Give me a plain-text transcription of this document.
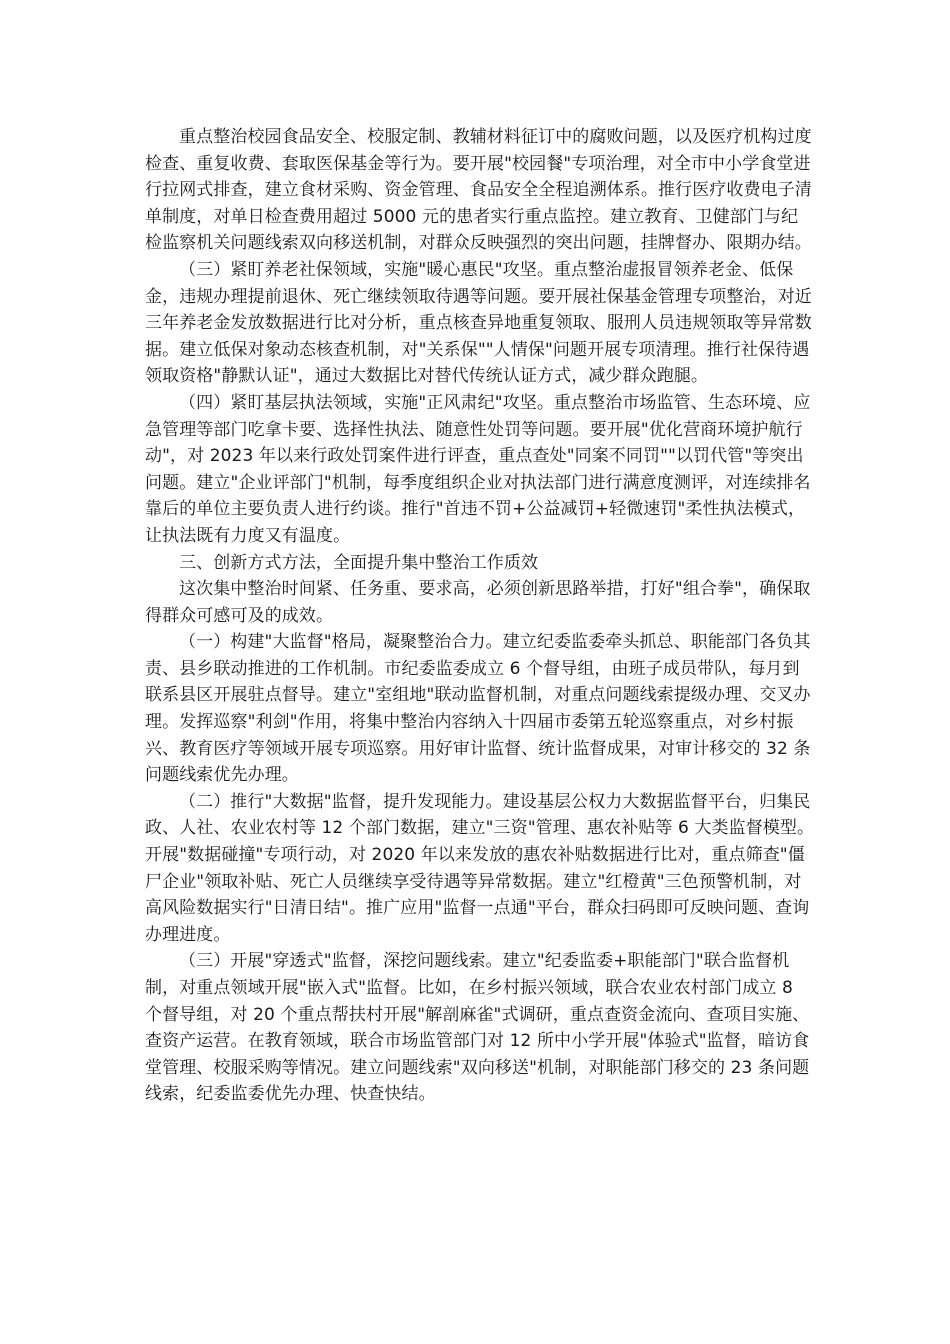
重点整治校园食品安全、校服定制、教辅材料征订中的腐败问题，以及医疗机构过度检查、重复收费、套取医保基金等行为。要开展"校园餐"专项治理，对全市中小学食堂进行拉网式排查，建立食材采购、资金管理、食品安全全程追溯体系。推行医疗收费电子清单制度，对单日检查费用超过 5000 元的患者实行重点监控。建立教育、卫健部门与纪检监察机关问题线索双向移送机制，对群众反映强烈的突出问题，挂牌督办、限期办结。

（三）紧盯养老社保领域，实施"暖心惠民"攻坚。重点整治虚报冒领养老金、低保金，违规办理提前退休、死亡继续领取待遇等问题。要开展社保基金管理专项整治，对近三年养老金发放数据进行比对分析，重点核查异地重复领取、服刑人员违规领取等异常数据。建立低保对象动态核查机制，对"关系保""人情保"问题开展专项清理。推行社保待遇领取资格"静默认证"，通过大数据比对替代传统认证方式，减少群众跑腿。

（四）紧盯基层执法领域，实施"正风肃纪"攻坚。重点整治市场监管、生态环境、应急管理等部门吃拿卡要、选择性执法、随意性处罚等问题。要开展"优化营商环境护航行动"，对 2023 年以来行政处罚案件进行评查，重点查处"同案不同罚""以罚代管"等突出问题。建立"企业评部门"机制，每季度组织企业对执法部门进行满意度测评，对连续排名靠后的单位主要负责人进行约谈。推行"首违不罚+公益减罚+轻微速罚"柔性执法模式，让执法既有力度又有温度。

三、创新方式方法，全面提升集中整治工作质效

这次集中整治时间紧、任务重、要求高，必须创新思路举措，打好"组合拳"，确保取得群众可感可及的成效。

（一）构建"大监督"格局，凝聚整治合力。建立纪委监委牵头抓总、职能部门各负其责、县乡联动推进的工作机制。市纪委监委成立 6 个督导组，由班子成员带队，每月到联系县区开展驻点督导。建立"室组地"联动监督机制，对重点问题线索提级办理、交叉办理。发挥巡察"利剑"作用，将集中整治内容纳入十四届市委第五轮巡察重点，对乡村振兴、教育医疗等领域开展专项巡察。用好审计监督、统计监督成果，对审计移交的 32 条问题线索优先办理。

（二）推行"大数据"监督，提升发现能力。建设基层公权力大数据监督平台，归集民政、人社、农业农村等 12 个部门数据，建立"三资"管理、惠农补贴等 6 大类监督模型。开展"数据碰撞"专项行动，对 2020 年以来发放的惠农补贴数据进行比对，重点筛查"僵尸企业"领取补贴、死亡人员继续享受待遇等异常数据。建立"红橙黄"三色预警机制，对高风险数据实行"日清日结"。推广应用"监督一点通"平台，群众扫码即可反映问题、查询办理进度。

（三）开展"穿透式"监督，深挖问题线索。建立"纪委监委+职能部门"联合监督机制，对重点领域开展"嵌入式"监督。比如，在乡村振兴领域，联合农业农村部门成立 8 个督导组，对 20 个重点帮扶村开展"解剖麻雀"式调研，重点查资金流向、查项目实施、查资产运营。在教育领域，联合市场监管部门对 12 所中小学开展"体验式"监督，暗访食堂管理、校服采购等情况。建立问题线索"双向移送"机制，对职能部门移交的 23 条问题线索，纪委监委优先办理、快查快结。
